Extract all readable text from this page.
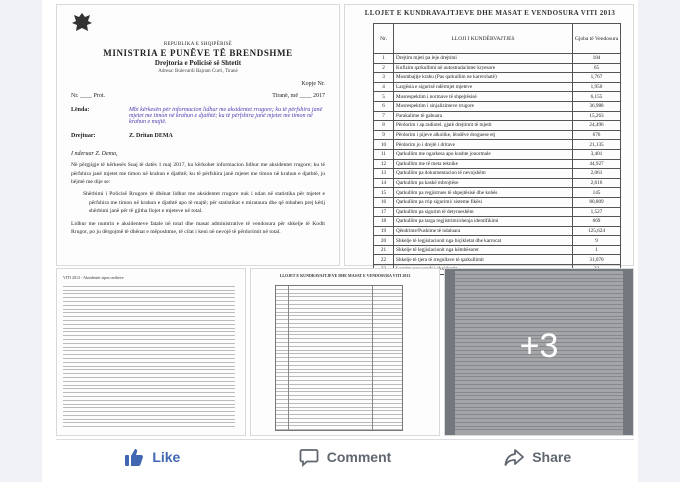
REPUBLIKA E SHQIPËRISË
MINISTRIA E PUNËVE TË BRENDSHME
Drejtoria e Policisë së Shtetit
Adresa: Bulevardi Bajram Curri, Tiranë
Kopje Nr.
Nr. ____ Prot.	Tiranë, më ____ 2017
Lënda:	Mbi kërkesën për informacion lidhur me aksidentet rrugore; ku të përfshira janë mjetet me timon në krahun e djathtë; ku të përfshira janë mjetet me timon në krahun e majtë.
Drejtuar:	Z. Dritan DEMA
I nderuar Z. Dema,
Në përgjigje të kërkesës Suaj të datës 1 maj 2017, ku kërkohet informacion lidhur me aksidentet rrugore; ku të përfshira janë mjetet me timon në krahun e djathtë; ku të përfshira janë mjetet me timon në krahun e djathtë, ju bëjmë me dije se:
Shërbimi i Policisë Rrugore të dhënat lidhur me aksidentet rrugore nuk i ndan në statistika për mjetet e përfshira me timon në krahun e djathtë apo të majtë; për statistikat e mirataura dhe që mbahen prej këtij shërbimi janë për të gjitha llojet e mjeteve në total.
Lidhur me numrin e aksidenteve fatale në total dhe masat administrative të vendosura për shkelje të Kodit Rrugor, po ju dërgojmë të dhënat e mëposhtme, të cilat i keni në nevojë të përdorimit në total.
LLOJET E KUNDRAVAJTJEVE DHE MASAT E VENDOSURA VITI 2013
Nr.	LLOJI I KUNDËRVAJTJES	Gjoba të Vendosura
1	Drejtim mjeti pa leje drejtimi	184
2	Kufizim qarkullimi në autostrada/inter kryesore	65
3	Mosmbajtje krahu (Pas qarkullim ne karrexhatë)	1,767
4	Largësia e sigurisë ndërmjet mjeteve	1,950
5	Mosrespektim i normave të shpejtësisë	6,155
6	Mosrespektim i sinjalizimeve rrugore	36,988
7	Parakalime të gabuara	15,263
8	Përdorim i ap.radiotel. gjatë drejtimit të mjetit	24,496
9	Përdorim i pijeve alkolike, lëndëve droguese etj	676
10	Përdorim jo i drejtë i dritave	21,135
11	Qarkullim me ngarkesa apo kushte jonormale	3,401
12	Qarkullim me të meta teknike	44,927
13	Qarkullim pa dokumentacion të nevojshëm	2,061
14	Qarkullim pa kaskë mbrojtëse	2,616
15	Qarkullim pa regjistrues të shpejtësisë dhe kohës	145
16	Qarkullim pa rrip sigurimi/ sisteme fikësi	80,809
17	Qarkullim pa sigurim të detyrueshëm	1,527
18	Qarkullim pa targa regjistrimi/shenja identifikimi	669
19	Qëndrime/Pushime të ndaluara	125,624
20	Shkelje të legjislacionit nga biçikletat dhe karrocat	9
21	Shkelje të legjislacionit nga këmbësoret	1
22	Shkelje të tjera të rregullave të qarkullimit	31,070

VITI 2013 - Aksidentet sipas rretheve	LLOJET E KUNDRAVAJTJEVE DHE MASAT E VENDOSURA VITI 2013
+3
Like	Comment	Share
